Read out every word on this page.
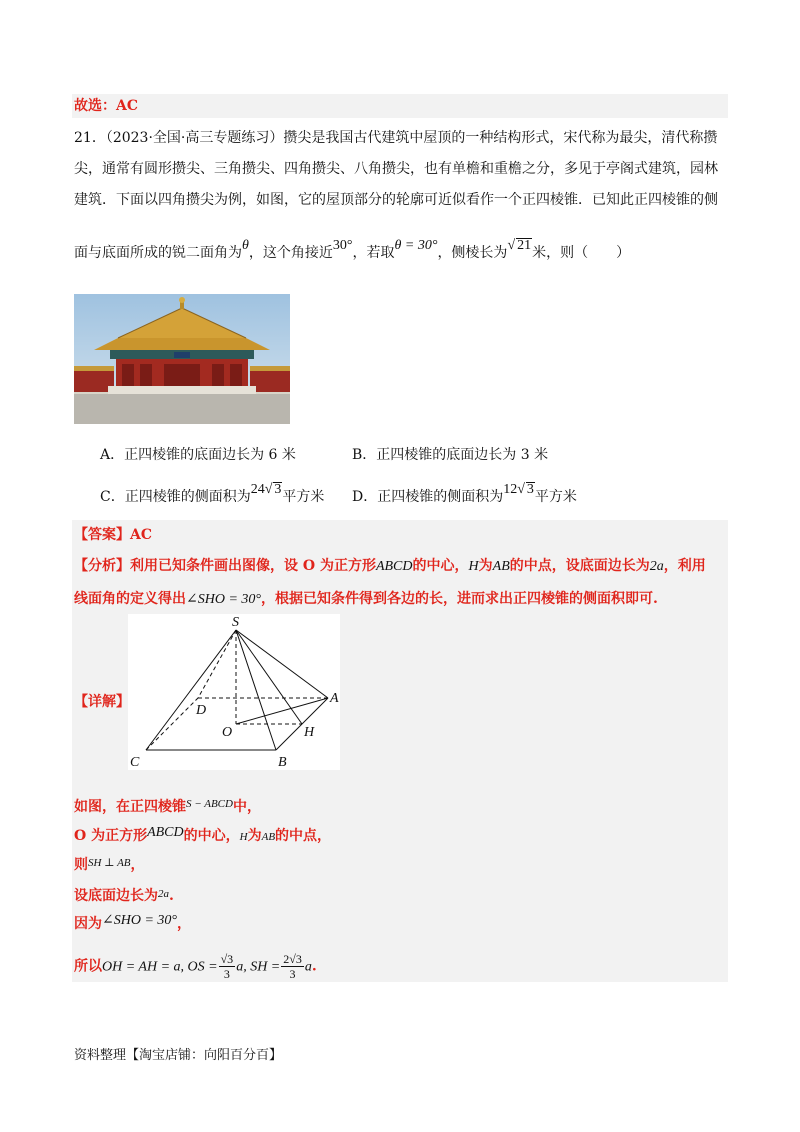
故选：AC
21．（2023·全国·高三专题练习）攒尖是我国古代建筑中屋顶的一种结构形式，宋代称为最尖，清代称攒
尖，通常有圆形攒尖、三角攒尖、四角攒尖、八角攒尖，也有单檐和重檐之分，多见于亭阁式建筑，园林
建筑．下面以四角攒尖为例，如图，它的屋顶部分的轮廓可近似看作一个正四棱锥．已知此正四棱锥的侧
面与底面所成的锐二面角为θ，这个角接近30°，若取θ = 30°，侧棱长为√ 21米，则（　　）
A．正四棱锥的底面边长为 6 米	B．正四棱锥的底面边长为 3 米
C．正四棱锥的侧面积为24√ 3平方米 D．正四棱锥的侧面积为12√ 3平方米
【答案】AC
【分析】利用已知条件画出图像，设 O 为正方形ABCD的中心，H为AB的中点，设底面边长为2a，利用
线面角的定义得出∠SHO = 30°，根据已知条件得到各边的长，进而求出正四棱锥的侧面积即可.
【详解】
S
A
B
C
D
O	H
如图，在正四棱锥$^{S - ABCD}$中，
O 为正方形ABCD的中心，H为AB的中点，
则$^{SH \perp AB}$，
设底面边长为$^{2a}$.
因为∠SHO = 30°，
所以OH = AH = a, OS = $\frac{√3}{3} a$, SH = $\frac{2√3}{3} a$.
资料整理【淘宝店铺：向阳百分百】
